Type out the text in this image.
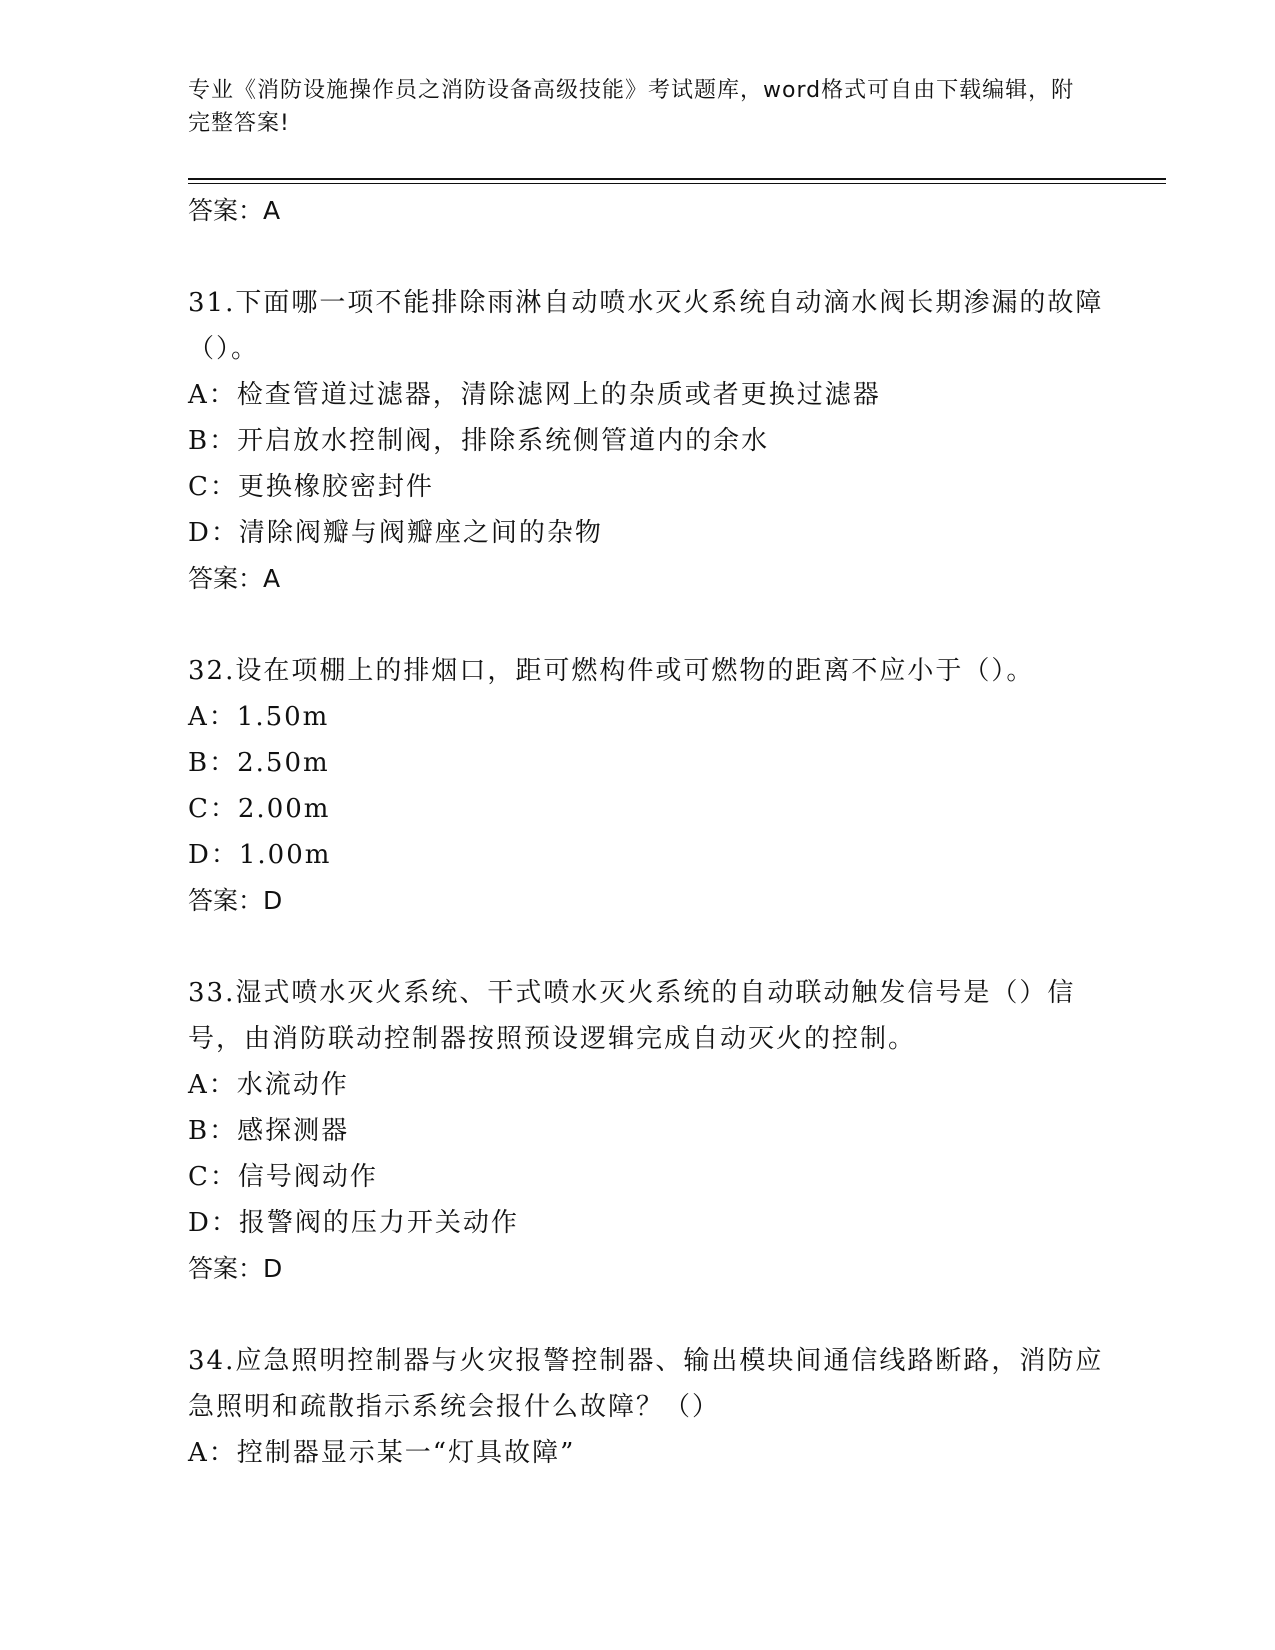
专业《消防设施操作员之消防设备高级技能》考试题库，word格式可自由下载编辑，附完整答案!
答案：A
31.下面哪一项不能排除雨淋自动喷水灭火系统自动滴水阀长期渗漏的故障（）。
A：检查管道过滤器，清除滤网上的杂质或者更换过滤器
B：开启放水控制阀，排除系统侧管道内的余水
C：更换橡胶密封件
D：清除阀瓣与阀瓣座之间的杂物
答案：A
32.设在项棚上的排烟口，距可燃构件或可燃物的距离不应小于（）。
A：1.50m
B：2.50m
C：2.00m
D：1.00m
答案：D
33.湿式喷水灭火系统、干式喷水灭火系统的自动联动触发信号是（）信号，由消防联动控制器按照预设逻辑完成自动灭火的控制。
A：水流动作
B：感探测器
C：信号阀动作
D：报警阀的压力开关动作
答案：D
34.应急照明控制器与火灾报警控制器、输出模块间通信线路断路，消防应急照明和疏散指示系统会报什么故障？（）
A：控制器显示某一“灯具故障”
